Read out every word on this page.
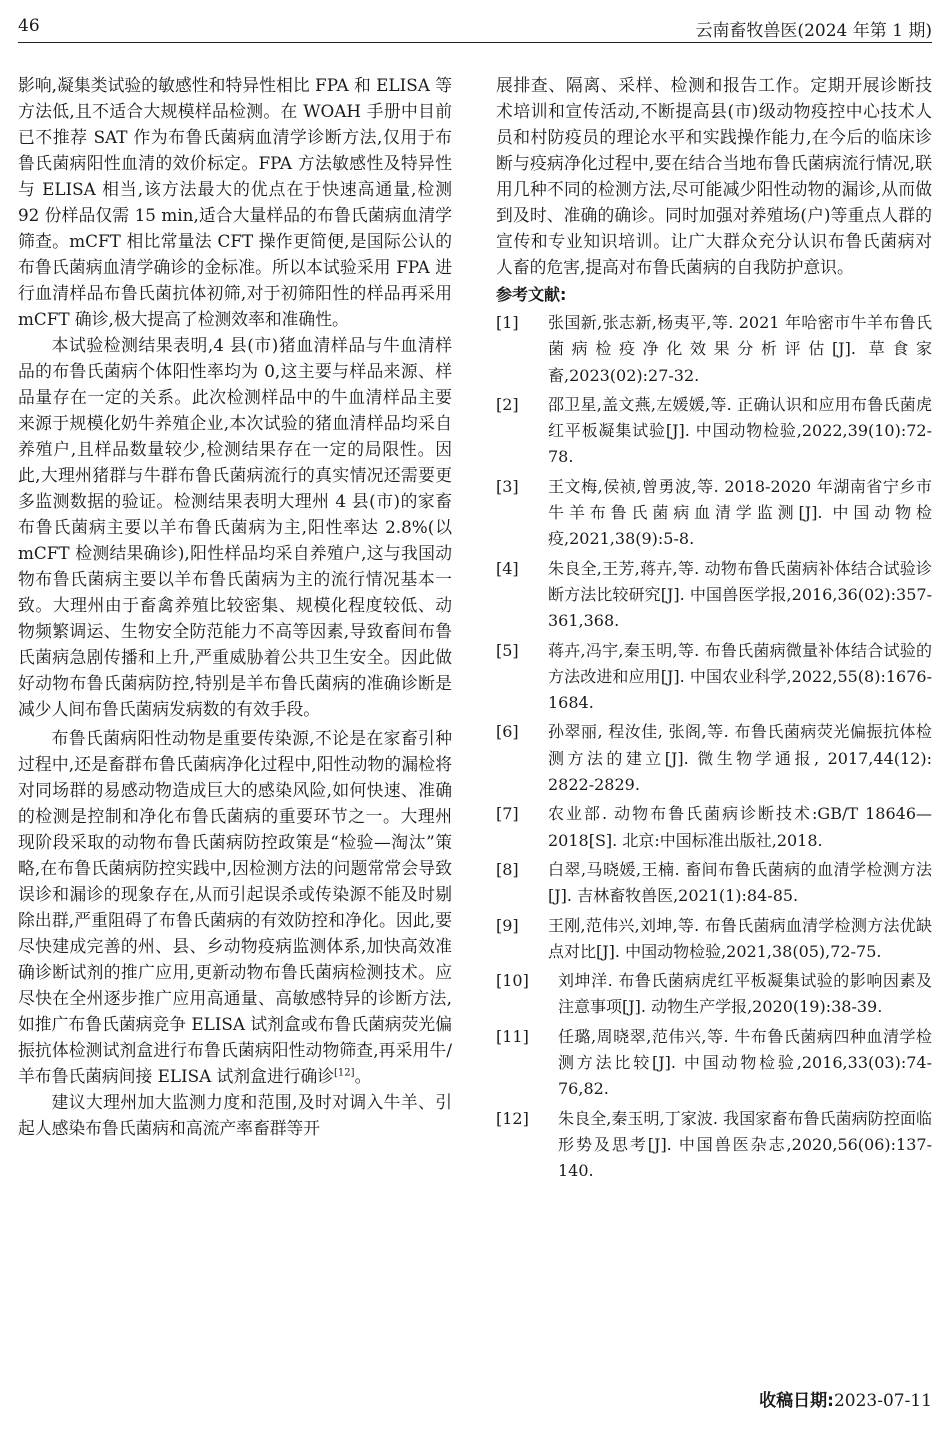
46	云南畜牧兽医(2024 年第 1 期)

影响,凝集类试验的敏感性和特异性相比 FPA 和 ELISA 等方法低,且不适合大规模样品检测。在 WOAH 手册中目前已不推荐 SAT 作为布鲁氏菌病血清学诊断方法,仅用于布鲁氏菌病阳性血清的效价标定。FPA 方法敏感性及特异性与 ELISA 相当,该方法最大的优点在于快速高通量,检测 92 份样品仅需 15 min,适合大量样品的布鲁氏菌病血清学筛查。mCFT 相比常量法 CFT 操作更简便,是国际公认的布鲁氏菌病血清学确诊的金标准。所以本试验采用 FPA 进行血清样品布鲁氏菌抗体初筛,对于初筛阳性的样品再采用 mCFT 确诊,极大提高了检测效率和准确性。

本试验检测结果表明,4 县(市)猪血清样品与牛血清样品的布鲁氏菌病个体阳性率均为 0,这主要与样品来源、样品量存在一定的关系。此次检测样品中的牛血清样品主要来源于规模化奶牛养殖企业,本次试验的猪血清样品均采自养殖户,且样品数量较少,检测结果存在一定的局限性。因此,大理州猪群与牛群布鲁氏菌病流行的真实情况还需要更多监测数据的验证。检测结果表明大理州 4 县(市)的家畜布鲁氏菌病主要以羊布鲁氏菌病为主,阳性率达 2.8%(以 mCFT 检测结果确诊),阳性样品均采自养殖户,这与我国动物布鲁氏菌病主要以羊布鲁氏菌病为主的流行情况基本一致。大理州由于畜禽养殖比较密集、规模化程度较低、动物频繁调运、生物安全防范能力不高等因素,导致畜间布鲁氏菌病急剧传播和上升,严重威胁着公共卫生安全。因此做好动物布鲁氏菌病防控,特别是羊布鲁氏菌病的准确诊断是减少人间布鲁氏菌病发病数的有效手段。

布鲁氏菌病阳性动物是重要传染源,不论是在家畜引种过程中,还是畜群布鲁氏菌病净化过程中,阳性动物的漏检将对同场群的易感动物造成巨大的感染风险,如何快速、准确的检测是控制和净化布鲁氏菌病的重要环节之一。大理州现阶段采取的动物布鲁氏菌病防控政策是“检验—淘汰”策略,在布鲁氏菌病防控实践中,因检测方法的问题常常会导致误诊和漏诊的现象存在,从而引起误杀或传染源不能及时剔除出群,严重阻碍了布鲁氏菌病的有效防控和净化。因此,要尽快建成完善的州、县、乡动物疫病监测体系,加快高效准确诊断试剂的推广应用,更新动物布鲁氏菌病检测技术。应尽快在全州逐步推广应用高通量、高敏感特异的诊断方法,如推广布鲁氏菌病竞争 ELISA 试剂盒或布鲁氏菌病荧光偏振抗体检测试剂盒进行布鲁氏菌病阳性动物筛查,再采用牛/羊布鲁氏菌病间接 ELISA 试剂盒进行确诊[12]。

建议大理州加大监测力度和范围,及时对调入牛羊、引起人感染布鲁氏菌病和高流产率畜群等开

展排查、隔离、采样、检测和报告工作。定期开展诊断技术培训和宣传活动,不断提高县(市)级动物疫控中心技术人员和村防疫员的理论水平和实践操作能力,在今后的临床诊断与疫病净化过程中,要在结合当地布鲁氏菌病流行情况,联用几种不同的检测方法,尽可能减少阳性动物的漏诊,从而做到及时、准确的确诊。同时加强对养殖场(户)等重点人群的宣传和专业知识培训。让广大群众充分认识布鲁氏菌病对人畜的危害,提高对布鲁氏菌病的自我防护意识。

参考文献:
[1] 张国新,张志新,杨夷平,等. 2021 年哈密市牛羊布鲁氏菌病检疫净化效果分析评估[J]. 草食家畜,2023(02):27-32.
[2] 邵卫星,盖文燕,左媛媛,等. 正确认识和应用布鲁氏菌虎红平板凝集试验[J]. 中国动物检验,2022,39(10):72-78.
[3] 王文梅,侯祯,曾勇波,等. 2018-2020 年湖南省宁乡市牛羊布鲁氏菌病血清学监测[J]. 中国动物检疫,2021,38(9):5-8.
[4] 朱良全,王芳,蒋卉,等. 动物布鲁氏菌病补体结合试验诊断方法比较研究[J]. 中国兽医学报,2016,36(02):357-361,368.
[5] 蒋卉,冯宇,秦玉明,等. 布鲁氏菌病微量补体结合试验的方法改进和应用[J]. 中国农业科学,2022,55(8):1676-1684.
[6] 孙翠丽, 程汝佳, 张阁,等. 布鲁氏菌病荧光偏振抗体检测方法的建立[J]. 微生物学通报, 2017,44(12): 2822-2829.
[7] 农业部. 动物布鲁氏菌病诊断技术:GB/T 18646—2018[S]. 北京:中国标准出版社,2018.
[8] 白翠,马晓媛,王楠. 畜间布鲁氏菌病的血清学检测方法[J]. 吉林畜牧兽医,2021(1):84-85.
[9] 王刚,范伟兴,刘坤,等. 布鲁氏菌病血清学检测方法优缺点对比[J]. 中国动物检验,2021,38(05),72-75.
[10] 刘坤洋. 布鲁氏菌病虎红平板凝集试验的影响因素及注意事项[J]. 动物生产学报,2020(19):38-39.
[11] 任璐,周晓翠,范伟兴,等. 牛布鲁氏菌病四种血清学检测方法比较[J]. 中国动物检验,2016,33(03):74-76,82.
[12] 朱良全,秦玉明,丁家波. 我国家畜布鲁氏菌病防控面临形势及思考[J]. 中国兽医杂志,2020,56(06):137-140.
收稿日期:2023-07-11
